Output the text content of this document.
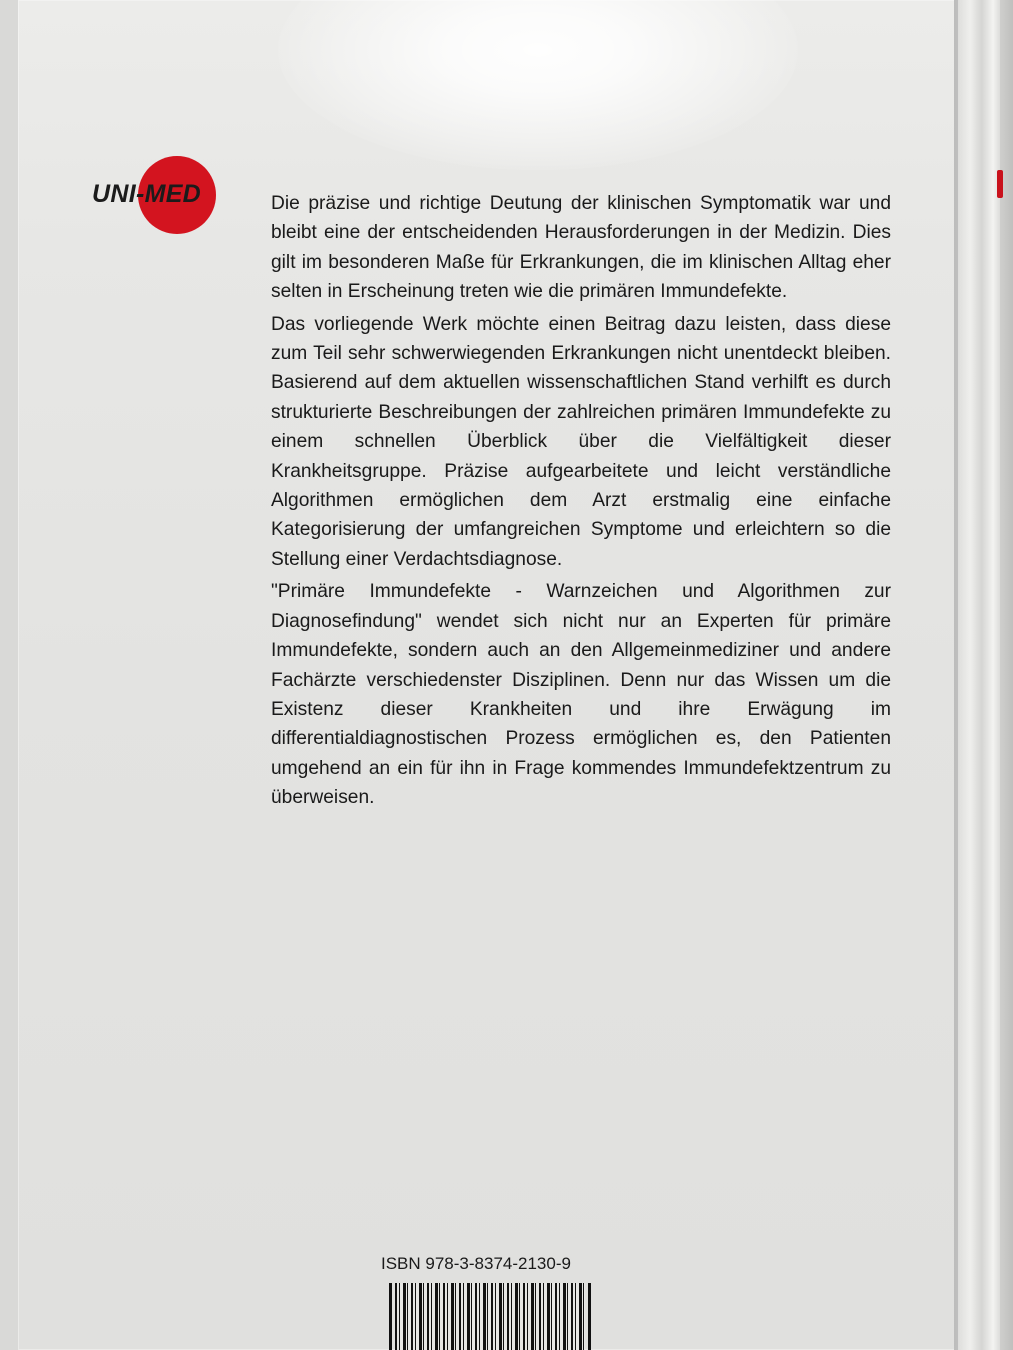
UNI-MED	Die präzise und richtige Deutung der klinischen Symptomatik war und bleibt eine der entscheidenden Herausforderungen in der Medizin. Dies gilt im besonderen Maße für Erkrankungen, die im klinischen Alltag eher selten in Erscheinung treten wie die primären Immundefekte.

Das vorliegende Werk möchte einen Beitrag dazu leisten, dass diese zum Teil sehr schwerwiegenden Erkrankungen nicht unentdeckt bleiben. Basierend auf dem aktuellen wissenschaftlichen Stand verhilft es durch strukturierte Beschreibungen der zahlreichen primären Immundefekte zu einem schnellen Überblick über die Vielfältigkeit dieser Krankheitsgruppe. Präzise aufgearbeitete und leicht verständliche Algorithmen ermöglichen dem Arzt erstmalig eine einfache Kategorisierung der umfangreichen Symptome und erleichtern so die Stellung einer Verdachtsdiagnose.

"Primäre Immundefekte - Warnzeichen und Algorithmen zur Diagnosefindung" wendet sich nicht nur an Experten für primäre Immundefekte, sondern auch an den Allgemeinmediziner und andere Fachärzte verschiedenster Disziplinen. Denn nur das Wissen um die Existenz dieser Krankheiten und ihre Erwägung im differentialdiagnostischen Prozess ermöglichen es, den Patienten umgehend an ein für ihn in Frage kommendes Immundefektzentrum zu überweisen.

ISBN 978-3-8374-2130-9
